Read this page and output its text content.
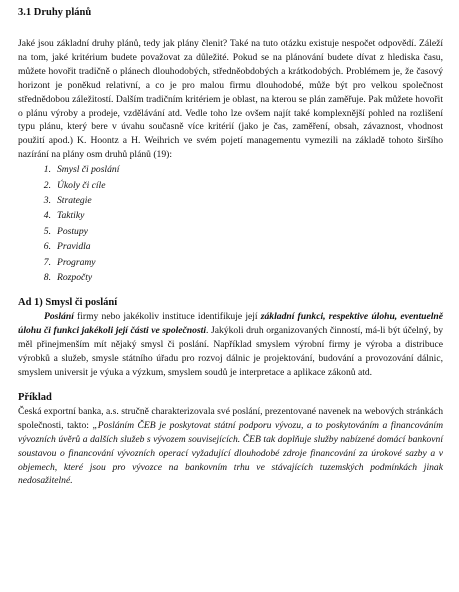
3.1 Druhy plánů

Jaké jsou základní druhy plánů, tedy jak plány členit? Také na tuto otázku existuje nespočet odpovědí. Záleží na tom, jaké kritérium budete považovat za důležité. Pokud se na plánování budete dívat z hlediska času, můžete hovořit tradičně o plánech dlouhodobých, středněobdobých a krátkodobých. Problémem je, že časový horizont je poněkud relativní, a co je pro malou firmu dlouhodobé, může být pro velkou společnost střednědobou záležitostí. Dalším tradičním kritériem je oblast, na kterou se plán zaměřuje. Pak můžete hovořit o plánu výroby a prodeje, vzdělávání atd. Vedle toho lze ovšem najít také komplexnější pohled na rozlišení typu plánu, který bere v úvahu současně více kritérií (jako je čas, zaměření, obsah, závaznost, vhodnost použití apod.) K. Hoontz a H. Weihrich ve svém pojetí managementu vymezili na základě tohoto širšího nazírání na plány osm druhů plánů (19):

1. Smysl či poslání
2. Úkoly či cíle
3. Strategie
4. Taktiky
5. Postupy
6. Pravidla
7. Programy
8. Rozpočty
Ad 1) Smysl či poslání

Poslání firmy nebo jakékoliv instituce identifikuje její základní funkci, respektive úlohu, eventuelně úlohu či funkci jakékoli její části ve společnosti. Jakýkoli druh organizovaných činností, má-li být účelný, by měl přinejmenším mít nějaký smysl či poslání. Například smyslem výrobní firmy je výroba a distribuce výrobků a služeb, smysle státního úřadu pro rozvoj dálnic je projektování, budování a provozování dálnic, smyslem universit je výuka a výzkum, smyslem soudů je interpretace a aplikace zákonů atd.

Příklad

Česká exportní banka, a.s. stručně charakterizovala své poslání, prezentované navenek na webových stránkách společnosti, takto: „Posláním ČEB je poskytovat státní podporu vývozu, a to poskytováním a financováním vývozních úvěrů a dalších služeb s vývozem souvisejících. ČEB tak doplňuje služby nabízené domácí bankovní soustavou o financování vývozních operací vyžadující dlouhodobé zdroje financování za úrokové sazby a v objemech, které jsou pro vývozce na bankovním trhu ve stávajících tuzemských podmínkách jinak nedosažitelné.
